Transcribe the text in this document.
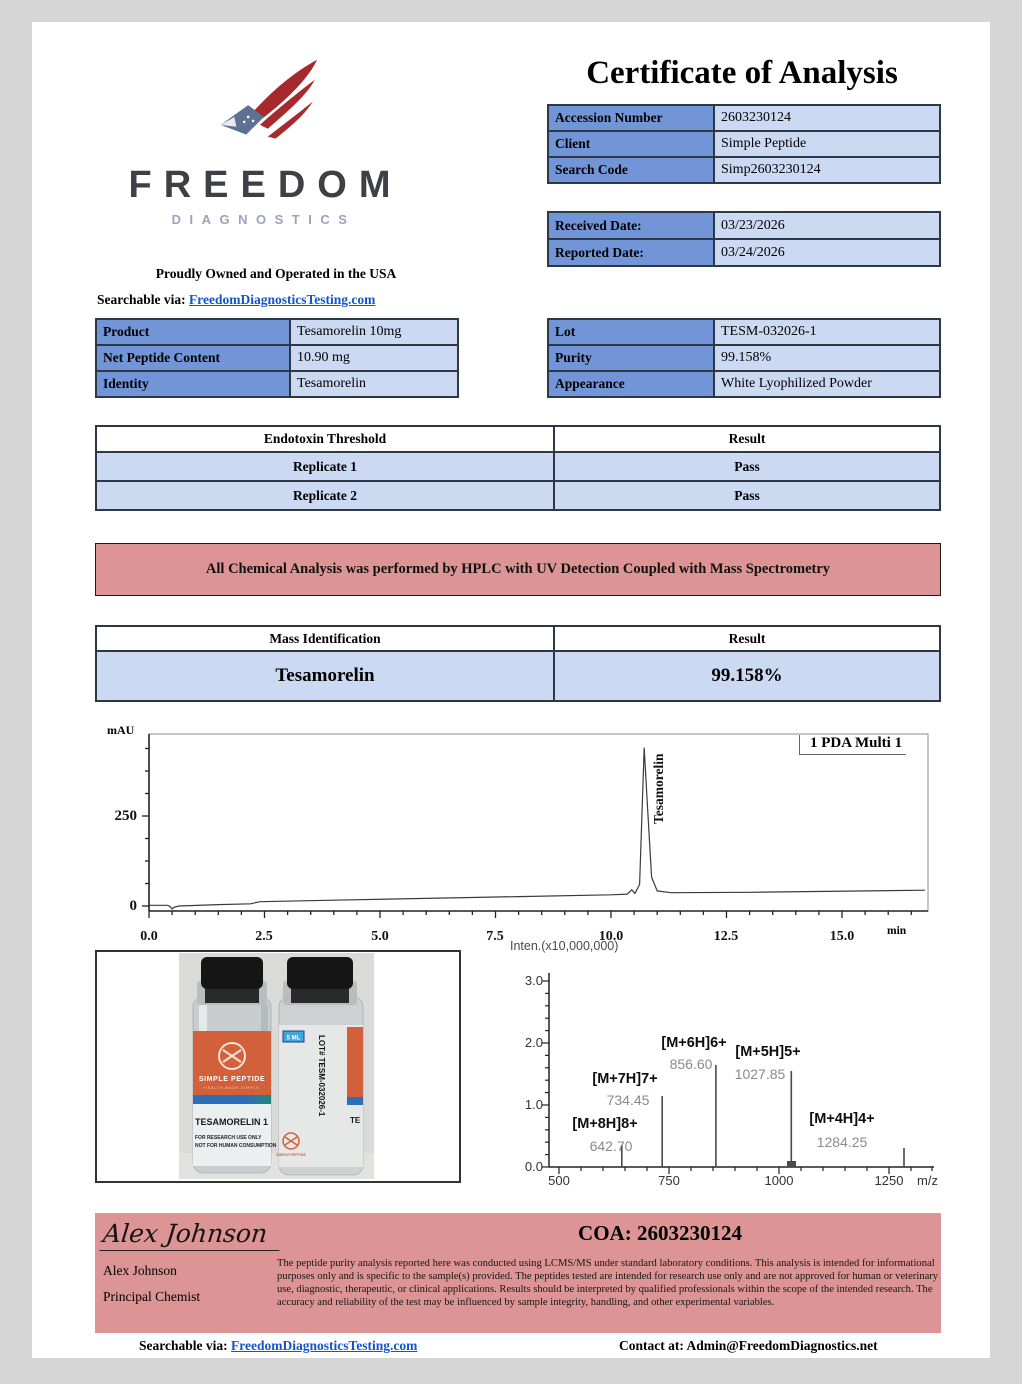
FREEDOM
DIAGNOSTICS
Proudly Owned and Operated in the USA
Searchable via: FreedomDiagnosticsTesting.com
Certificate of Analysis
Accession Number	2603230124
Client	Simple Peptide
Search Code	Simp2603230124
Received Date:	03/23/2026
Reported Date:	03/24/2026
Product	Tesamorelin 10mg
Net Peptide Content	10.90 mg
Identity	Tesamorelin
Lot	TESM-032026-1
Purity	99.158%
Appearance	White Lyophilized Powder
Endotoxin Threshold	Result
Replicate 1	Pass
Replicate 2	Pass
All Chemical Analysis was performed by HPLC with UV Detection Coupled with Mass Spectrometry
Mass Identification	Result
Tesamorelin	99.158%
mAU
250
0
0.0	2.5	5.0	7.5	10.0	12.5	15.0	min
1 PDA Multi 1
Tesamorelin
SIMPLE PEPTIDE
HEALTH MADE SIMPLE
TESAMORELIN 1
FOR RESEARCH USE ONLY
NOT FOR HUMAN CONSUMPTION
TE
5 ML LOT# TESM-032026-1
SIMPLE PEPTIDE
Inten.(x10,000,000)
3.0
2.0
1.0
0.0
500	750	1000	1250	m/z
[M+8H]8+
642.70
[M+7H]7+
734.45
[M+6H]6+
856.60
[M+5H]5+
1027.85
[M+4H]4+
1284.25
Alex Johnson
Alex Johnson
Principal Chemist
COA: 2603230124
The peptide purity analysis reported here was conducted using LCMS/MS under standard laboratory conditions. This analysis is intended for informational purposes only and is specific to the sample(s) provided. The peptides tested are intended for research use only and are not approved for human or veterinary use, diagnostic, therapeutic, or clinical applications. Results should be interpreted by qualified professionals within the scope of the intended research. The accuracy and reliability of the test may be influenced by sample integrity, handling, and other experimental variables.
Searchable via: FreedomDiagnosticsTesting.com	Contact at: Admin@FreedomDiagnostics.net
